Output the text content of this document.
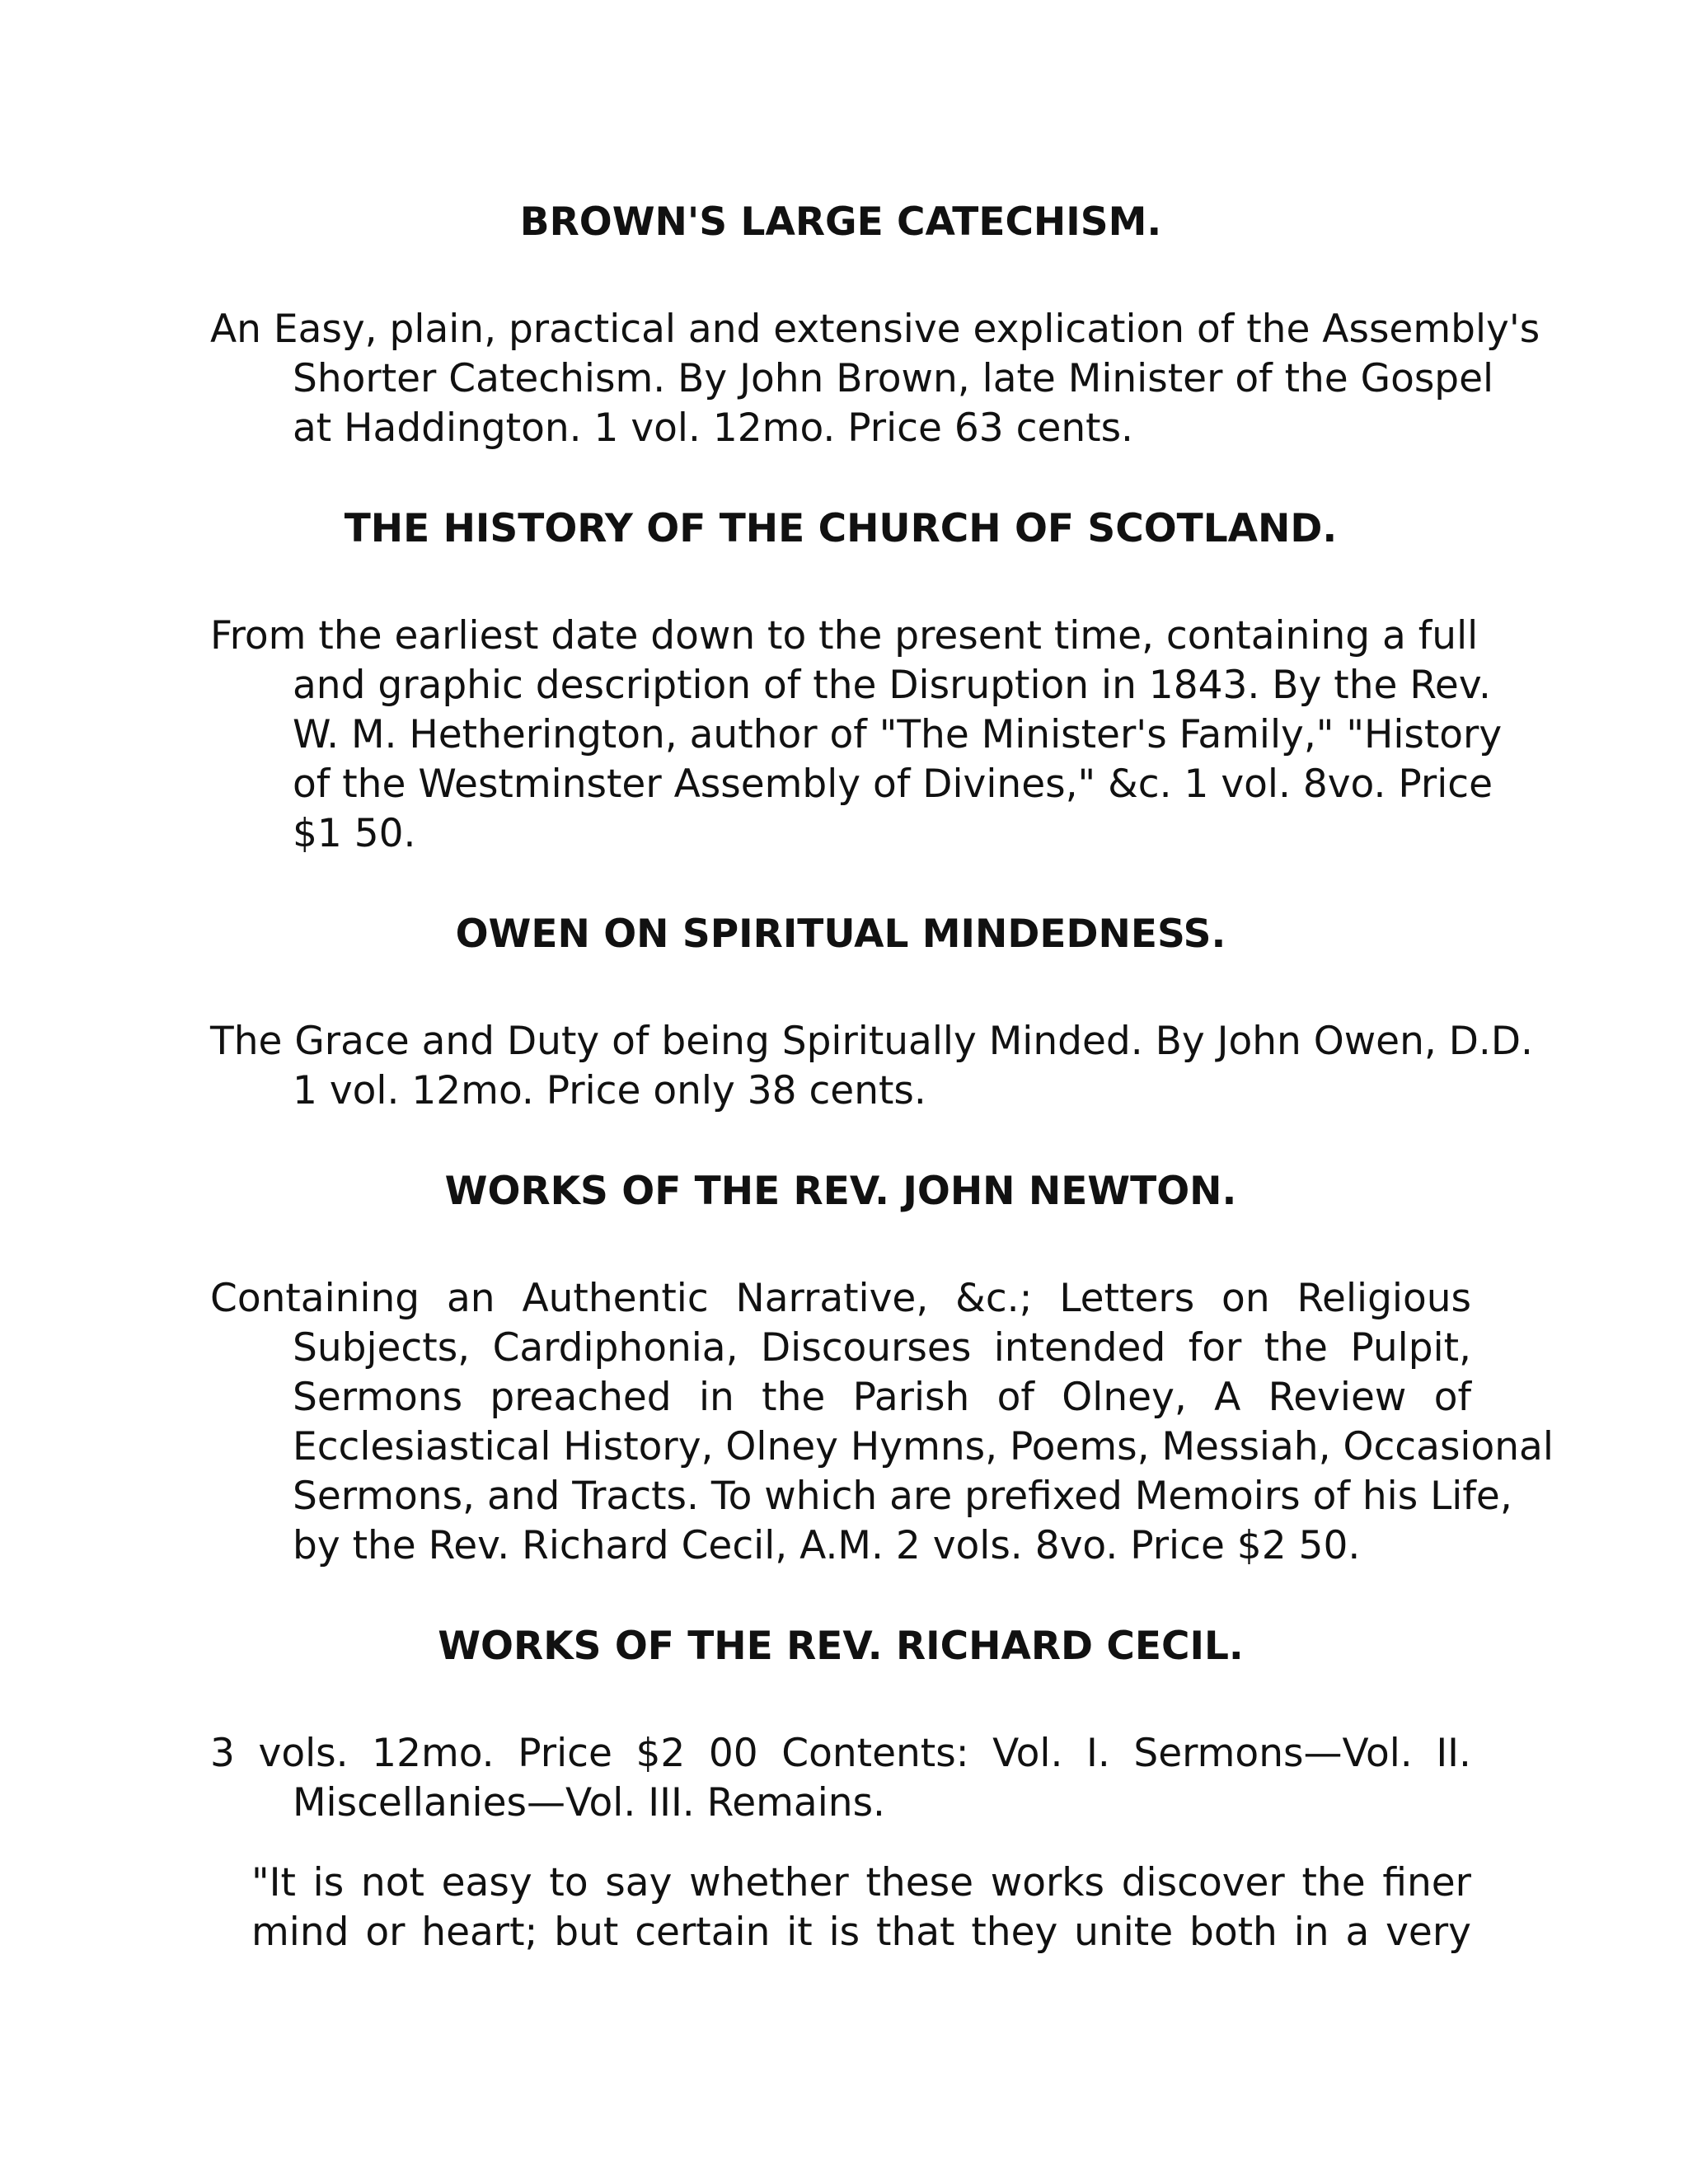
BROWN'S LARGE CATECHISM.
An Easy, plain, practical and extensive explication of the Assembly's
Shorter Catechism. By John Brown, late Minister of the Gospel
at Haddington. 1 vol. 12mo. Price 63 cents.
THE HISTORY OF THE CHURCH OF SCOTLAND.
From the earliest date down to the present time, containing a full
and graphic description of the Disruption in 1843. By the Rev.
W. M. Hetherington, author of "The Minister's Family," "History
of the Westminster Assembly of Divines," &c. 1 vol. 8vo. Price
$1 50.
OWEN ON SPIRITUAL MINDEDNESS.
The Grace and Duty of being Spiritually Minded. By John Owen, D.D.
1 vol. 12mo. Price only 38 cents.
WORKS OF THE REV. JOHN NEWTON.
Containing an Authentic Narrative, &c.; Letters on Religious
Subjects, Cardiphonia, Discourses intended for the Pulpit,
Sermons preached in the Parish of Olney, A Review of
Ecclesiastical History, Olney Hymns, Poems, Messiah, Occasional
Sermons, and Tracts. To which are prefixed Memoirs of his Life,
by the Rev. Richard Cecil, A.M. 2 vols. 8vo. Price $2 50.
WORKS OF THE REV. RICHARD CECIL.
3 vols. 12mo. Price $2 00 Contents: Vol. I. Sermons—Vol. II.
Miscellanies—Vol. III. Remains.
"It is not easy to say whether these works discover the finer
mind or heart; but certain it is that they unite both in a very
